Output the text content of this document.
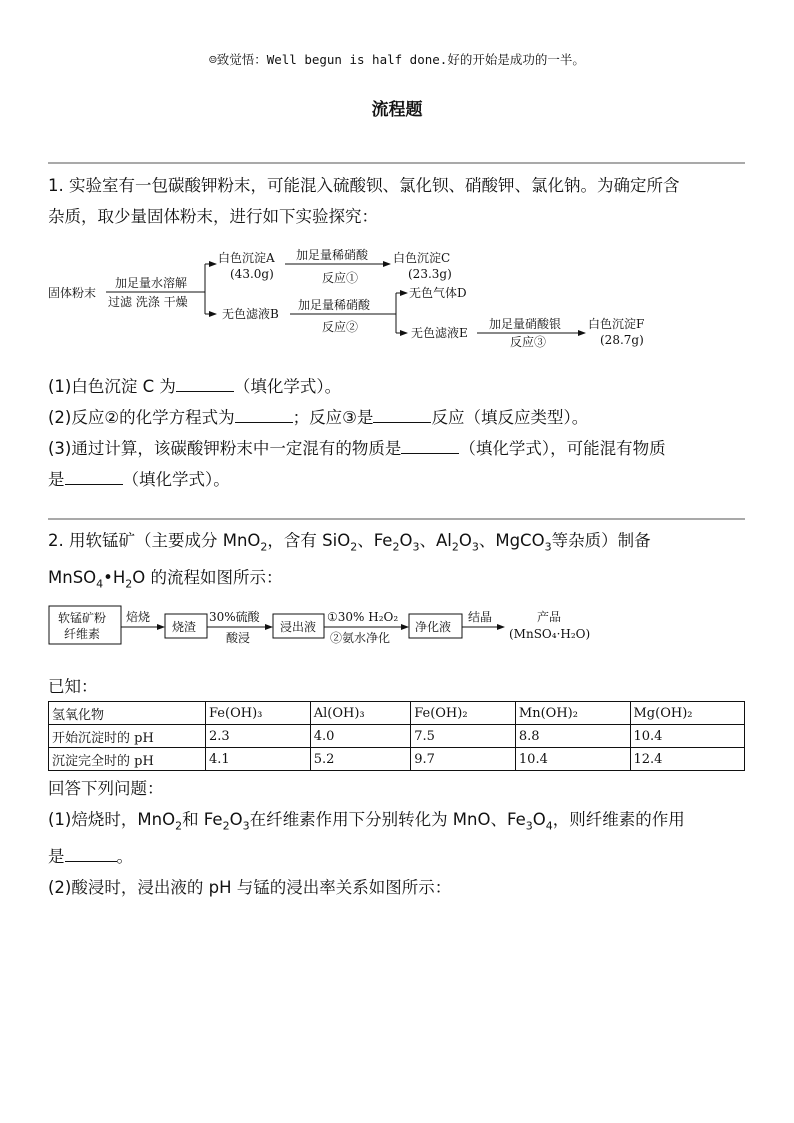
☺致觉悟：Well begun is half done.好的开始是成功的一半。
流程题
1. 实验室有一包碳酸钾粉末，可能混入硫酸钡、氯化钡、硝酸钾、氯化钠。为确定所含
杂质，取少量固体粉末，进行如下实验探究：
固体粉末
加足量水溶解
过滤 洗涤 干燥
白色沉淀A
(43.0g)
加足量稀硝酸
反应①
白色沉淀C
(23.3g)
无色滤液B
加足量稀硝酸
反应②
无色气体D
无色滤液E
加足量硝酸银
反应③
白色沉淀F
(28.7g)
(1)白色沉淀 C 为	（填化学式）。
(2)反应②的化学方程式为	；反应③是	反应（填反应类型）。
(3)通过计算，该碳酸钾粉末中一定混有的物质是	（填化学式），可能混有物质
是	（填化学式）。
2. 用软锰矿（主要成分 MnO$_2$，含有 SiO$_2$、$Fe_2O_3$、$Al_2O_3$、MgCO$_3$等杂质）制备
$MnSO_4•H_2O$ 的流程如图所示：
软锰矿粉
纤维素
焙烧
烧渣
30%硫酸
酸浸
浸出液
①30% H₂O₂
②氨水净化
净化液
结晶	产品
(MnSO₄·H₂O)
已知：
氢氧化物	Fe(OH)₃	Al(OH)₃	Fe(OH)₂	Mn(OH)₂	Mg(OH)₂
开始沉淀时的 pH	2.3	4.0	7.5	8.8	10.4
沉淀完全时的 pH	4.1	5.2	9.7	10.4	12.4
回答下列问题：
(1)焙烧时，MnO$_2$和 $Fe_2O_3$在纤维素作用下分别转化为 MnO、$Fe_3O_4$，则纤维素的作用
是	。
(2)酸浸时，浸出液的 pH 与锰的浸出率关系如图所示：
